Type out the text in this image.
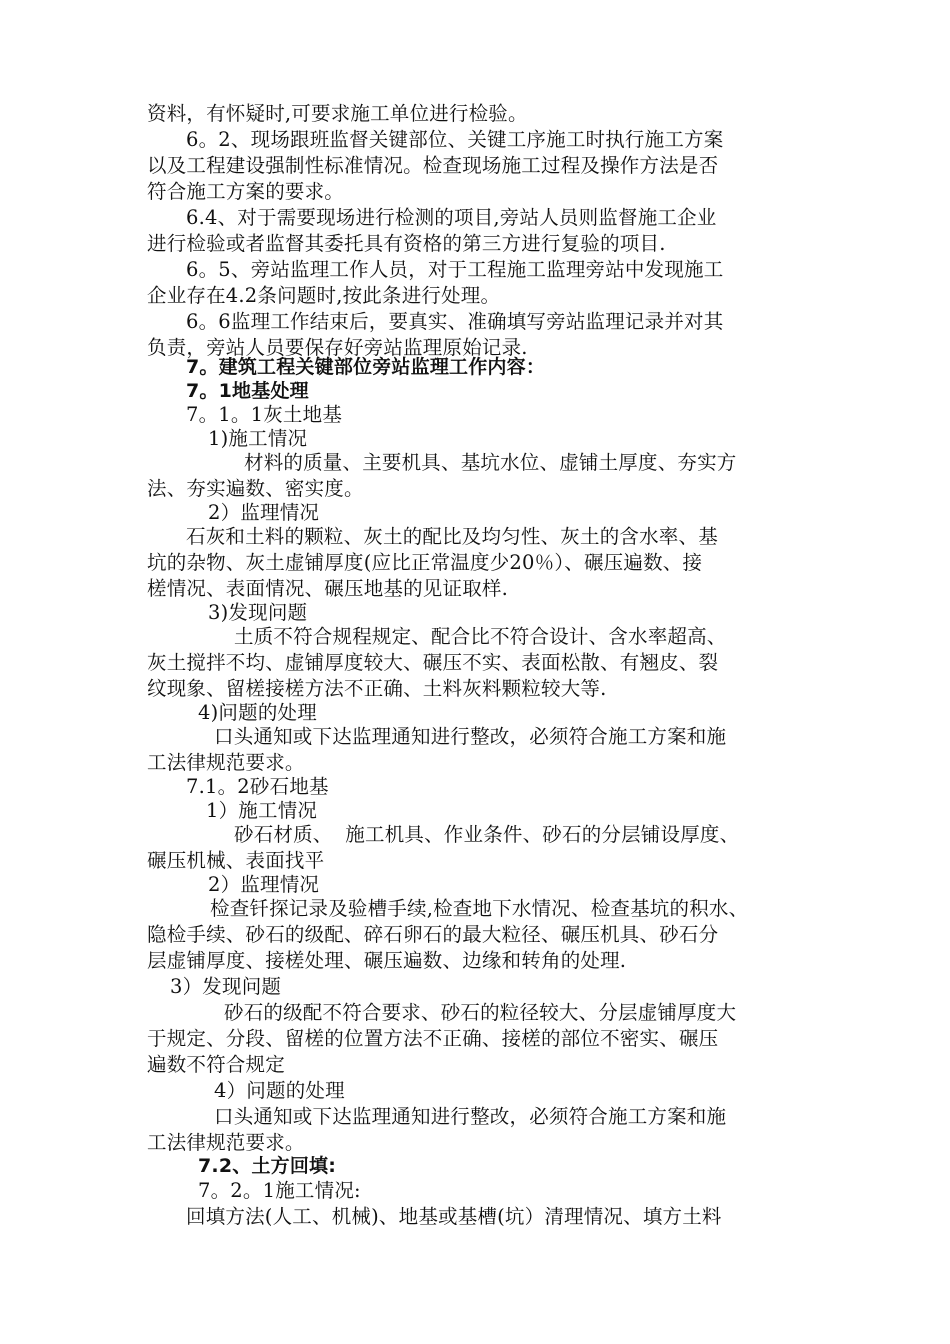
资料，有怀疑时,可要求施工单位进行检验。
6。2、现场跟班监督关键部位、关键工序施工时执行施工方案
以及工程建设强制性标准情况。检查现场施工过程及操作方法是否
符合施工方案的要求。
6.4、对于需要现场进行检测的项目,旁站人员则监督施工企业
进行检验或者监督其委托具有资格的第三方进行复验的项目.
6。5、旁站监理工作人员，对于工程施工监理旁站中发现施工
企业存在4.2条问题时,按此条进行处理。
6。6监理工作结束后，要真实、准确填写旁站监理记录并对其
负责，旁站人员要保存好旁站监理原始记录.
7。建筑工程关键部位旁站监理工作内容：
7。1地基处理
7。1。1灰土地基
1)施工情况
材料的质量、主要机具、基坑水位、虚铺土厚度、夯实方
法、夯实遍数、密实度。
2）监理情况
石灰和土料的颗粒、灰土的配比及均匀性、灰土的含水率、基
坑的杂物、灰土虚铺厚度(应比正常温度少20％）、碾压遍数、接
槎情况、表面情况、碾压地基的见证取样.
3)发现问题
土质不符合规程规定、配合比不符合设计、含水率超高、
灰土搅拌不均、虚铺厚度较大、碾压不实、表面松散、有翘皮、裂
纹现象、留槎接槎方法不正确、土料灰料颗粒较大等.
4)问题的处理
口头通知或下达监理通知进行整改，必须符合施工方案和施
工法律规范要求。
7.1。2砂石地基
1）施工情况
砂石材质、  施工机具、作业条件、砂石的分层铺设厚度、
碾压机械、表面找平
2）监理情况
检查钎探记录及验槽手续,检查地下水情况、检查基坑的积水、
隐检手续、砂石的级配、碎石卵石的最大粒径、碾压机具、砂石分
层虚铺厚度、接槎处理、碾压遍数、边缘和转角的处理.
3）发现问题
砂石的级配不符合要求、砂石的粒径较大、分层虚铺厚度大
于规定、分段、留槎的位置方法不正确、接槎的部位不密实、碾压
遍数不符合规定
4）问题的处理
口头通知或下达监理通知进行整改，必须符合施工方案和施
工法律规范要求。
7.2、土方回填:
7。2。1施工情况:
回填方法(人工、机械)、地基或基槽(坑）清理情况、填方土料
